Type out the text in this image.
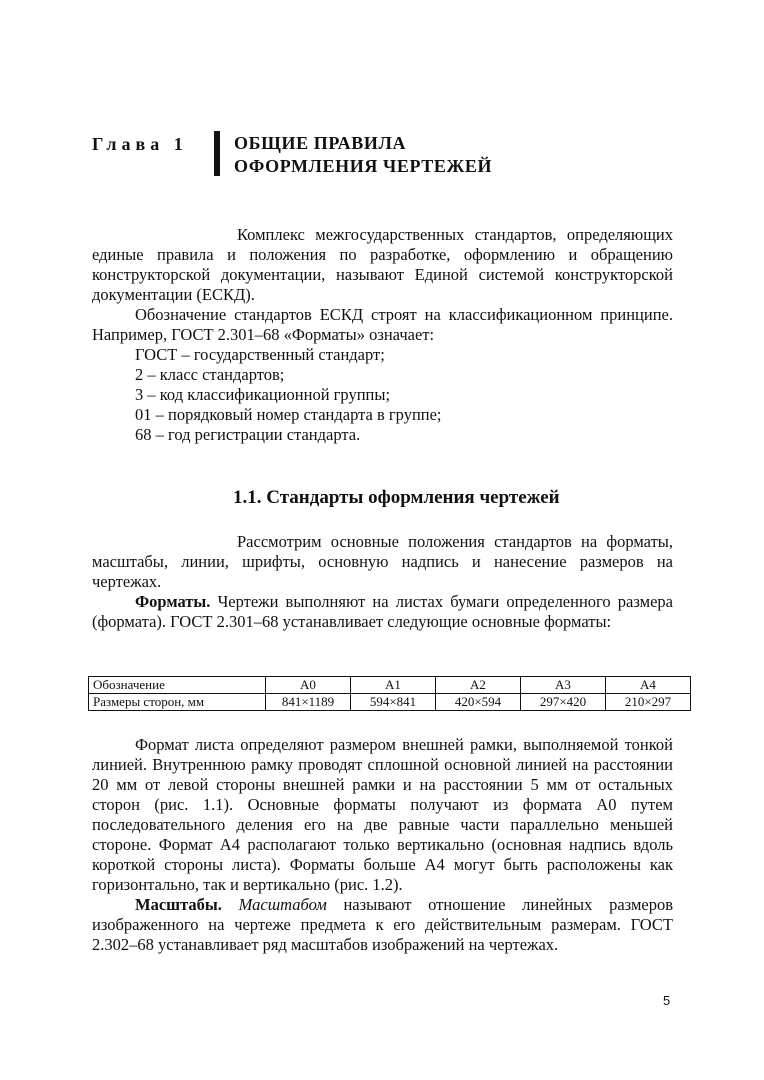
Глава 1	ОБЩИЕ ПРАВИЛА
ОФОРМЛЕНИЯ ЧЕРТЕЖЕЙ

Комплекс межгосударственных стандартов, определяющих единые правила и положения по разработке, оформлению и обращению конструкторской документации, называют Единой системой конструкторской документации (ЕСКД).

Обозначение стандартов ЕСКД строят на классификационном принципе. Например, ГОСТ 2.301–68 «Форматы» означает:

ГОСТ – государственный стандарт;
2 – класс стандартов;
3 – код классификационной группы;
01 – порядковый номер стандарта в группе;
68 – год регистрации стандарта.
1.1. Стандарты оформления чертежей

Рассмотрим основные положения стандартов на форматы, масштабы, линии, шрифты, основную надпись и нанесение размеров на чертежах.

Форматы. Чертежи выполняют на листах бумаги определенного размера (формата). ГОСТ 2.301–68 устанавливает следующие основные форматы:

Обозначение	А0	А1	А2	А3	А4
Размеры сторон, мм	841×1189	594×841	420×594	297×420	210×297

Формат листа определяют размером внешней рамки, выполняемой тонкой линией. Внутреннюю рамку проводят сплошной основной линией на расстоянии 20 мм от левой стороны внешней рамки и на расстоянии 5 мм от остальных сторон (рис. 1.1). Основные форматы получают из формата А0 путем последовательного деления его на две равные части параллельно меньшей стороне. Формат А4 располагают только вертикально (основная надпись вдоль короткой стороны листа). Форматы больше А4 могут быть расположены как горизонтально, так и вертикально (рис. 1.2).

Масштабы. Масштабом называют отношение линейных размеров изображенного на чертеже предмета к его действительным размерам. ГОСТ 2.302–68 устанавливает ряд масштабов изображений на чертежах.

5
